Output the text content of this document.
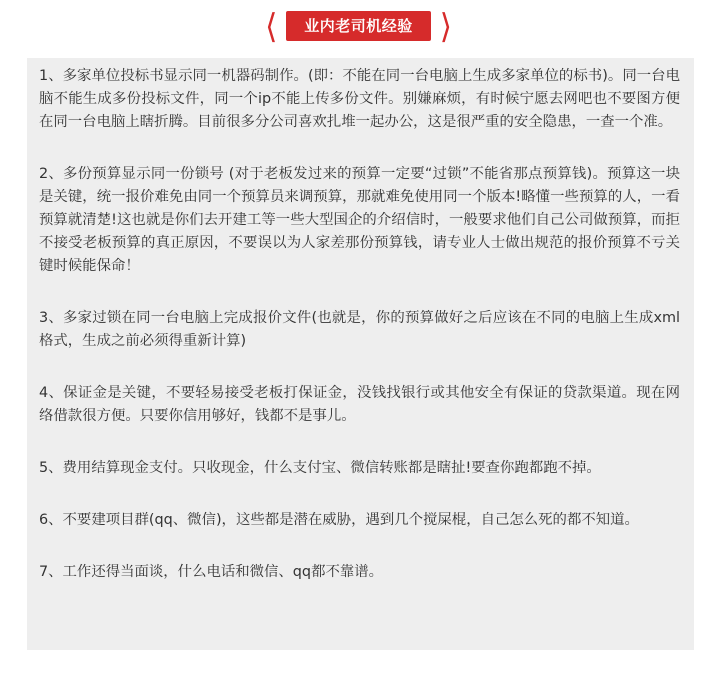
❬	业内老司机经验 ❭

1、多家单位投标书显示同一机器码制作。(即：不能在同一台电脑上生成多家单位的标书)。同一台电脑不能生成多份投标文件，同一个ip不能上传多份文件。别嫌麻烦，有时候宁愿去网吧也不要图方便在同一台电脑上瞎折腾。目前很多分公司喜欢扎堆一起办公，这是很严重的安全隐患，一查一个准。

2、多份预算显示同一份锁号 (对于老板发过来的预算一定要“过锁”不能省那点预算钱)。预算这一块是关键，统一报价难免由同一个预算员来调预算，那就难免使用同一个版本!略懂一些预算的人，一看预算就清楚!这也就是你们去开建工等一些大型国企的介绍信时，一般要求他们自己公司做预算，而拒不接受老板预算的真正原因，不要误以为人家差那份预算钱，请专业人士做出规范的报价预算不亏关键时候能保命！

3、多家过锁在同一台电脑上完成报价文件(也就是，你的预算做好之后应该在不同的电脑上生成xml格式，生成之前必须得重新计算)

4、保证金是关键，不要轻易接受老板打保证金，没钱找银行或其他安全有保证的贷款渠道。现在网络借款很方便。只要你信用够好，钱都不是事儿。

5、费用结算现金支付。只收现金，什么支付宝、微信转账都是瞎扯!要查你跑都跑不掉。

6、不要建项目群(qq、微信)，这些都是潜在威胁，遇到几个搅屎棍，自己怎么死的都不知道。

7、工作还得当面谈，什么电话和微信、qq都不靠谱。
